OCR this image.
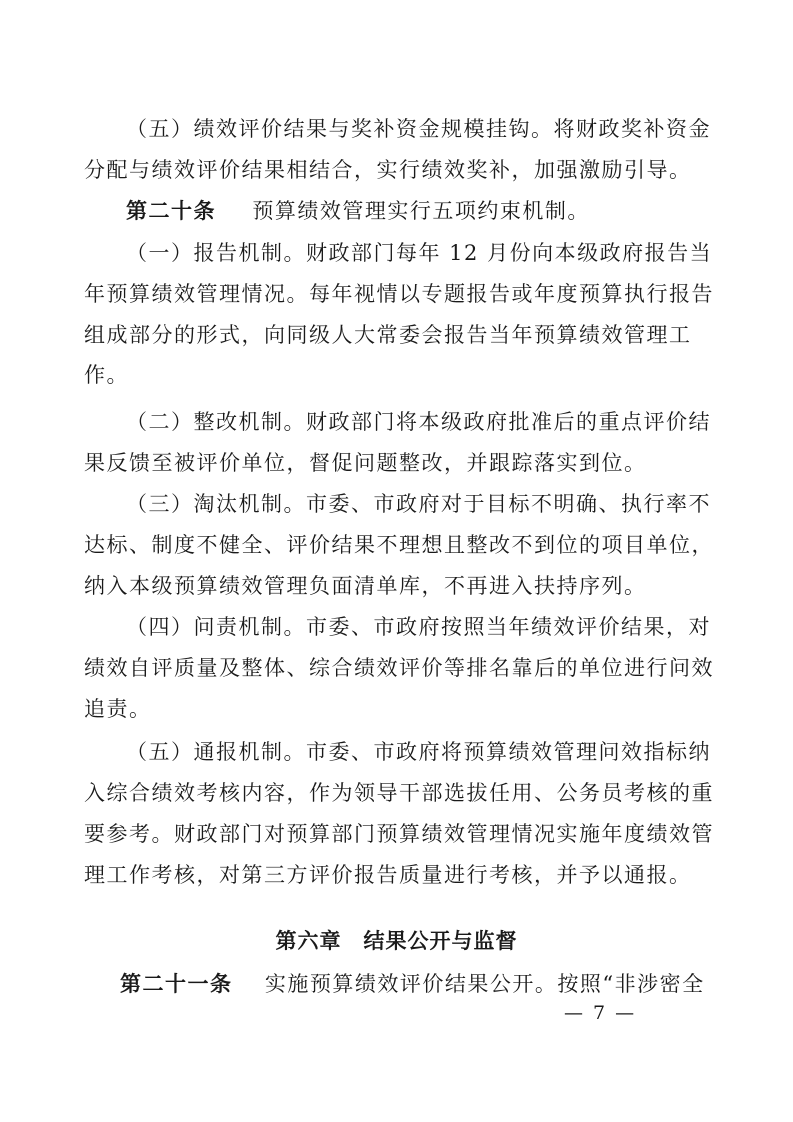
（五）绩效评价结果与奖补资金规模挂钩。将财政奖补资金
分配与绩效评价结果相结合，实行绩效奖补，加强激励引导。
第二十条 预算绩效管理实行五项约束机制。
（一）报告机制。财政部门每年 12 月份向本级政府报告当
年预算绩效管理情况。每年视情以专题报告或年度预算执行报告
组成部分的形式，向同级人大常委会报告当年预算绩效管理工
作。
（二）整改机制。财政部门将本级政府批准后的重点评价结
果反馈至被评价单位，督促问题整改，并跟踪落实到位。
（三）淘汰机制。市委、市政府对于目标不明确、执行率不
达标、制度不健全、评价结果不理想且整改不到位的项目单位，
纳入本级预算绩效管理负面清单库，不再进入扶持序列。
（四）问责机制。市委、市政府按照当年绩效评价结果，对
绩效自评质量及整体、综合绩效评价等排名靠后的单位进行问效
追责。
（五）通报机制。市委、市政府将预算绩效管理问效指标纳
入综合绩效考核内容，作为领导干部选拔任用、公务员考核的重
要参考。财政部门对预算部门预算绩效管理情况实施年度绩效管
理工作考核，对第三方评价报告质量进行考核，并予以通报。
第六章 结果公开与监督
第二十一条 实施预算绩效评价结果公开。按照“非涉密全
— 7 —
